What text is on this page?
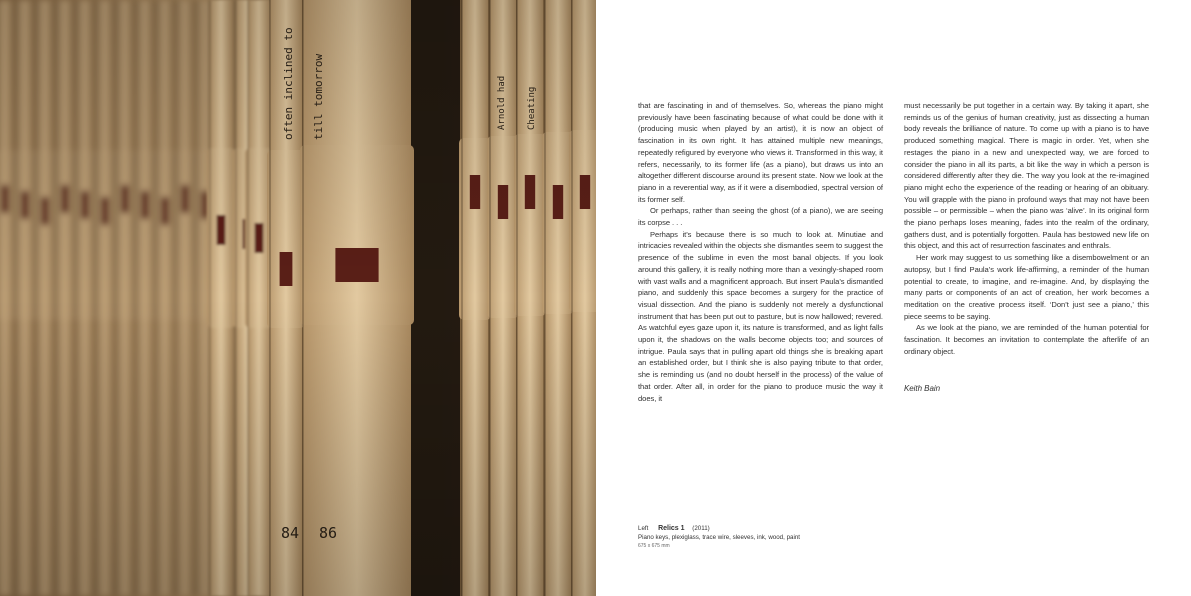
that are fascinating in and of themselves. So, whereas the piano might previously have been fascinating because of what could be done with it (producing music when played by an artist), it is now an object of fascination in its own right. It has attained multiple new meanings, repeatedly refigured by everyone who views it. Transformed in this way, it refers, necessarily, to its former life (as a piano), but draws us into an altogether different discourse around its present state. Now we look at the piano in a reverential way, as if it were a disembodied, spectral version of its former self.

Or perhaps, rather than seeing the ghost (of a piano), we are seeing its corpse . . .

Perhaps it’s because there is so much to look at. Minutiae and intricacies revealed within the objects she dismantles seem to suggest the presence of the sublime in even the most banal objects. If you look around this gallery, it is really nothing more than a vexingly-shaped room with vast walls and a magnificent approach. But insert Paula’s dismantled piano, and suddenly this space becomes a surgery for the practice of visual dissection. And the piano is suddenly not merely a dysfunctional instrument that has been put out to pasture, but is now hallowed; revered. As watchful eyes gaze upon it, its nature is transformed, and as light falls upon it, the shadows on the walls become objects too; and sources of intrigue. Paula says that in pulling apart old things she is breaking apart an established order, but I think she is also paying tribute to that order, she is reminding us (and no doubt herself in the process) of the value of that order. After all, in order for the piano to produce music the way it does, it

must necessarily be put together in a certain way. By taking it apart, she reminds us of the genius of human creativity, just as dissecting a human body reveals the brilliance of nature. To come up with a piano is to have produced something magical. There is magic in order. Yet, when she restages the piano in a new and unexpected way, we are forced to consider the piano in all its parts, a bit like the way in which a person is considered differently after they die. The way you look at the re-imagined piano might echo the experience of the reading or hearing of an obituary. You will grapple with the piano in profound ways that may not have been possible – or permissible – when the piano was ‘alive’. In its original form the piano perhaps loses meaning, fades into the realm of the ordinary, gathers dust, and is potentially forgotten. Paula has bestowed new life on this object, and this act of resurrection fascinates and enthrals.

Her work may suggest to us something like a disembowelment or an autopsy, but I find Paula’s work life-affirming, a reminder of the human potential to create, to imagine, and re-imagine. And, by displaying the many parts or components of an act of creation, her work becomes a meditation on the creative process itself. ‘Don’t just see a piano,’ this piece seems to be saying.

As we look at the piano, we are reminded of the human potential for fascination. It becomes an invitation to contemplate the afterlife of an ordinary object.

Keith Bain
Left Relics 1 (2011)
Piano keys, plexiglass, trace wire, sleeves, ink, wood, paint
675 x 675 mm
